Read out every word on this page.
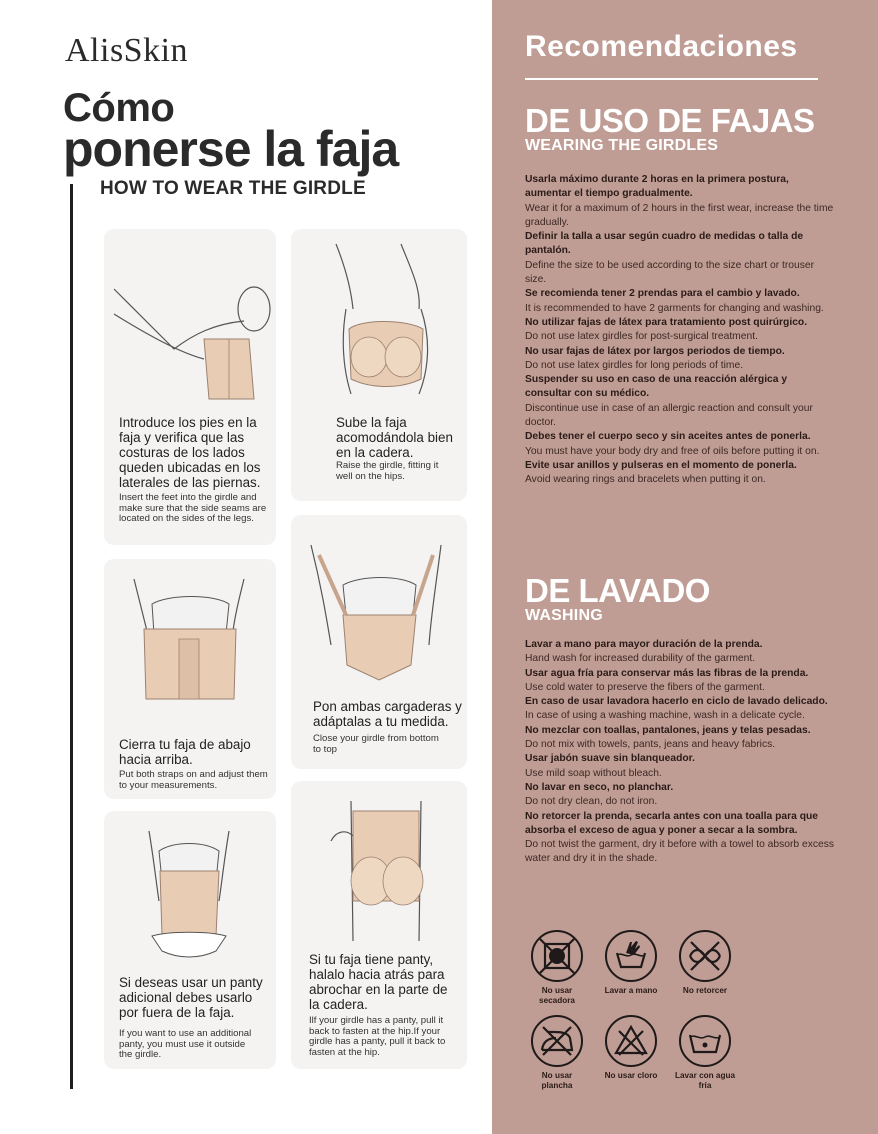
AlisSkin
Cómo
ponerse la faja
HOW TO WEAR THE GIRDLE
Introduce los pies en la faja y verifica que las costuras de los lados queden ubicadas en los laterales de las piernas.
Insert the feet into the girdle and make sure that the side seams are located on the sides of the legs.
Sube la faja acomodándola bien en la cadera.
Raise the girdle, fitting it well on the hips.
Cierra tu faja de abajo hacia arriba.
Put both straps on and adjust them to your measurements.
Pon ambas cargaderas y adáptalas a tu medida.
Close your girdle from bottom to top
Si deseas usar un panty adicional debes usarlo por fuera de la faja.
If you want to use an additional panty, you must use it outside the girdle.
Si tu faja tiene panty, halalo hacia atrás para abrochar en la parte de la cadera.
Ilf your girdle has a panty, pull it back to fasten at the hip.If your girdle has a panty, pull it back to fasten at the hip.
Recomendaciones
DE USO DE FAJAS
WEARING THE GIRDLES
Usarla máximo durante 2 horas en la primera postura, aumentar el tiempo gradualmente.
Wear it for a maximum of 2 hours in the first wear, increase the time gradually.
Definir la talla a usar según cuadro de medidas o talla de pantalón.
Define the size to be used according to the size chart or trouser size.
Se recomienda tener 2 prendas para el cambio y lavado.
It is recommended to have 2 garments for changing and washing.
No utilizar fajas de látex para tratamiento post quirúrgico.
Do not use latex girdles for post-surgical treatment.
No usar fajas de látex por largos periodos de tiempo.
Do not use latex girdles for long periods of time.
Suspender su uso en caso de una reacción alérgica y consultar con su médico.
Discontinue use in case of an allergic reaction and consult your doctor.
Debes tener el cuerpo seco y sin aceites antes de ponerla.
You must have your body dry and free of oils before putting it on.
Evite usar anillos y pulseras en el momento de ponerla.
Avoid wearing rings and bracelets when putting it on.
DE LAVADO
WASHING
Lavar a mano para mayor duración de la prenda.
Hand wash for increased durability of the garment.
Usar agua fría para conservar más las fibras de la prenda.
Use cold water to preserve the fibers of the garment.
En caso de usar lavadora hacerlo en ciclo de lavado delicado.
In case of using a washing machine, wash in a delicate cycle.
No mezclar con toallas, pantalones, jeans y telas pesadas.
Do not mix with towels, pants, jeans and heavy fabrics.
Usar jabón suave sin blanqueador.
Use mild soap without bleach.
No lavar en seco, no planchar.
Do not dry clean, do not iron.
No retorcer la prenda, secarla antes con una toalla para que absorba el exceso de agua y poner a secar a la sombra.
Do not twist the garment, dry it before with a towel to absorb excess water and dry it in the shade.
No usar secadora
Lavar a mano	No retorcer
No usar plancha
No usar cloro	Lavar con agua fría
